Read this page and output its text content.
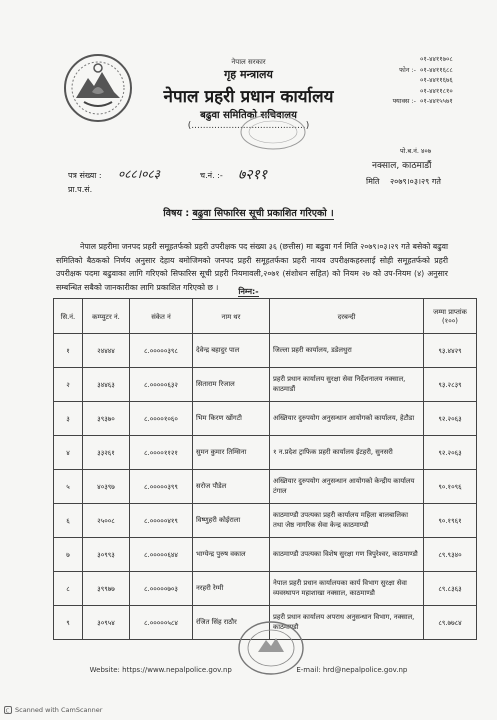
नेपाल सरकार
गृह मन्त्रालय
नेपाल प्रहरी प्रधान कार्यालय
बढुवा समितिको सचिवालय
(........................................)
०१-४४११७०८
फोन :- ०१-४४११६८८
०१-४४११६७६
०१-४४११८१०
फ्याक्स :- ०१-४४१५५७१
पो.ब.नं. ४०७
नक्साल, काठमाडौं
पत्र संख्या : ०८८।०८३	च.नं. :- ७२११	मिति २०७९।०३।२९ गते
प्रा.प.सं.
विषय : बढुवा सिफारिस सूची प्रकाशित गरिएको ।
नेपाल प्रहरीमा जनपद प्रहरी समूहतर्फको प्रहरी उपरीक्षक पद संख्या ३६ (छत्तीस) मा बढुवा गर्न मिति २०७९।०३।२९ गते बसेको बढुवा समितिको बैठकको निर्णय अनुसार देहाय बमोजिमको जनपद प्रहरी समूहतर्फका प्रहरी नायव उपरीक्षकहरुलाई सोही समूहतर्फको प्रहरी उपरीक्षक पदमा बढुवाका लागि गरिएको सिफारिस सूची प्रहरी नियमावली,२०७१ (संशोधन सहित) को नियम २७ को उप-नियम (४) अनुसार सम्बन्धित सबैको जानकारीका लागि प्रकाशित गरिएको छ ।	निम्न:-
सि.नं.	कम्प्युटर नं.	संकेत नं	नाम थर	दरबन्दी	जम्मा प्राप्तांक (१००)
१	२४४४४	८.०००००३९८	देवेन्द्र बहादुर पाल	जिल्ला प्रहरी कार्यालय, डडेलधुरा	९३.४४२९
२	३४४६३	८.०००००६३२	सिताराम रिजाल	प्रहरी प्रधान कार्यालय सुरक्षा सेवा निर्देशनालय नक्साल, काठमाडौं	९३.२८३९
३	३९३७०	८.००००१०६०	भिम किरण खोंगटी	अख्तियार दुरुपयोग अनुसन्धान आयोगको कार्यालय, हेटौडा	९२.२०६३
४	३३२६१	८.००००११२१	सुमन कुमार तिम्सिना	१ न.प्रदेश ट्राफिक प्रहरी कार्यालय ईटहरी, सुनसरी	९२.२०६३
५	४०३९७	८.०००००३९९	सरोज पौडेल	अख्तियार दुरुपयोग अनुसन्धान आयोगको केन्द्रीय कार्यालय टंगाल	९०.१०९६
६	२५००८	८.०००००४१९	विष्णुहरी कोईराला	काठमाण्डौ उपत्यका प्रहरी कार्यालय महिला बालबालिका तथा जेष्ठ नागरिक सेवा केन्द्र काठमाण्डौ	९०.१९६१
७	३०९९३	८.०००००६४४	भाग्येन्द्र पुरुष वकाल	काठमाण्डौ उपत्यका विशेष सुरक्षा गण त्रिपुरेश्वर, काठमाण्डौ	८९.९३४०
८	३९९७७	८.०००००७०३	नरहरी रेग्मी	नेपाल प्रहरी प्रधान कार्यालयका कार्य विभाग सुरक्षा सेवा व्यवस्थापन महाशाखा नक्साल, काठमाण्डौ	८९.८३६३
९	३०९५४	८.०००००५८४	रंजित सिंह राठौर	प्रहरी प्रधान कार्यालय अपराध अनुसन्धान विभाग, नक्साल, काठमाण्डौ	८९.७७८४
Website: https://www.nepalpolice.gov.np	E-mail: hrd@nepalpolice.gov.np
C Scanned with CamScanner
